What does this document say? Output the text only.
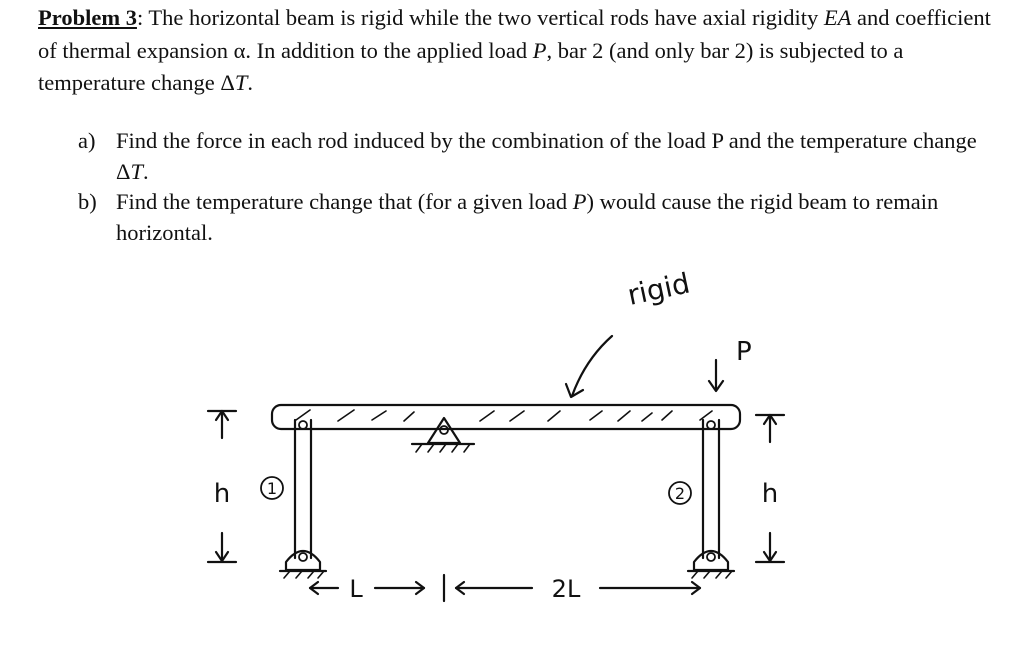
Problem 3: The horizontal beam is rigid while the two vertical rods have axial rigidity EA and coefficient of thermal expansion α. In addition to the applied load P, bar 2 (and only bar 2) is subjected to a temperature change ΔT.
a) Find the force in each rod induced by the combination of the load P and the temperature change ΔT.
b) Find the temperature change that (for a given load P) would cause the rigid beam to remain horizontal.
1	2
rigid
P
h	h
L	2L
